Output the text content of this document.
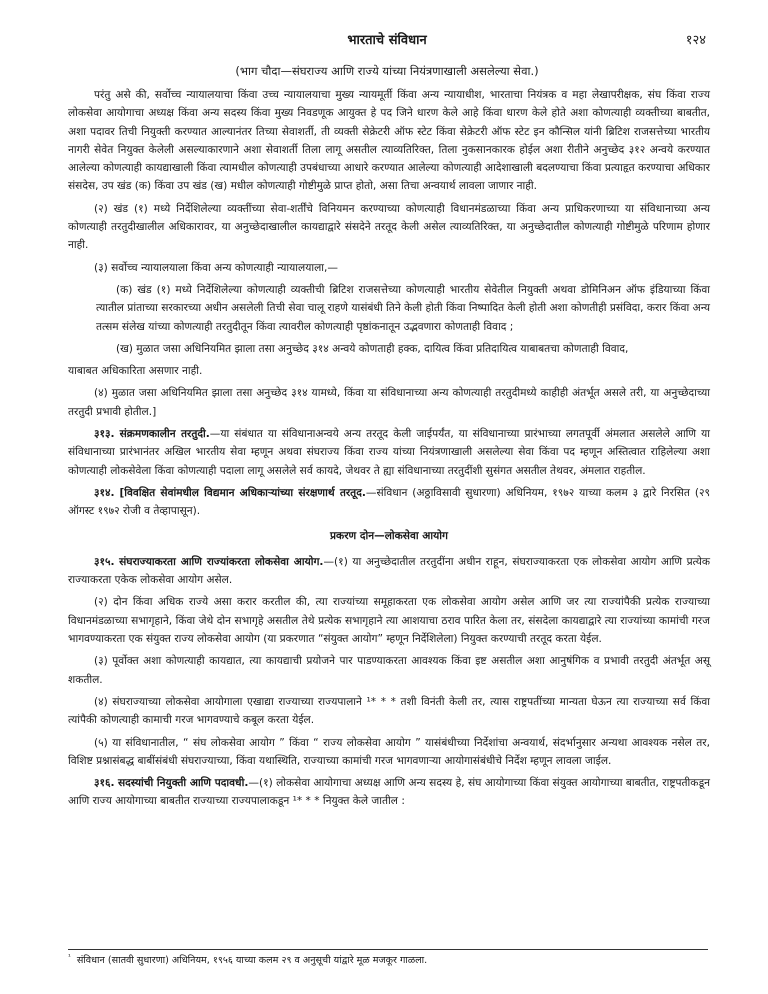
भारताचे संविधान	१२४
(भाग चौदा—संघराज्य आणि राज्ये यांच्या नियंत्रणाखाली असलेल्या सेवा.)

परंतु असे की, सर्वोच्च न्यायालयाचा किंवा उच्च न्यायालयाचा मुख्य न्यायमूर्ती किंवा अन्य न्यायाधीश, भारताचा नियंत्रक व महा लेखापरीक्षक, संघ किंवा राज्य लोकसेवा आयोगाचा अध्यक्ष किंवा अन्य सदस्य किंवा मुख्य निवडणूक आयुक्त हे पद जिने धारण केले आहे किंवा धारण केले होते अशा कोणत्याही व्यक्तीच्या बाबतीत, अशा पदावर तिची नियुक्ती करण्यात आल्यानंतर तिच्या सेवाशर्ती, ती व्यक्ती सेक्रेटरी ऑफ स्टेट किंवा सेक्रेटरी ऑफ स्टेट इन कौन्सिल यांनी ब्रिटिश राजसत्तेच्या भारतीय नागरी सेवेत नियुक्त केलेली असल्याकारणाने अशा सेवाशर्ती तिला लागू असतील त्याव्यतिरिक्त, तिला नुकसानकारक होईल अशा रीतीने अनुच्छेद ३१२ अन्वये करण्यात आलेल्या कोणत्याही कायद्याखाली किंवा त्यामधील कोणत्याही उपबंधाच्या आधारे करण्यात आलेल्या कोणत्याही आदेशाखाली बदलण्याचा किंवा प्रत्याहृत करण्याचा अधिकार संसदेस, उप खंड (क) किंवा उप खंड (ख) मधील कोणत्याही गोष्टीमुळे प्राप्त होतो, असा तिचा अन्वयार्थ लावला जाणार नाही.

(२) खंड (१) मध्ये निर्देशिलेल्या व्यक्तींच्या सेवा-शर्तींचे विनियमन करण्याच्या कोणत्याही विधानमंडळाच्या किंवा अन्य प्राधिकरणाच्या या संविधानाच्या अन्य कोणत्याही तरतुदीखालील अधिकारावर, या अनुच्छेदाखालील कायद्याद्वारे संसदेने तरतूद केली असेल त्याव्यतिरिक्त, या अनुच्छेदातील कोणत्याही गोष्टीमुळे परिणाम होणार नाही.

(३) सर्वोच्च न्यायालयाला किंवा अन्य कोणत्याही न्यायालयाला,—

(क) खंड (१) मध्ये निर्देशिलेल्या कोणत्याही व्यक्तीची ब्रिटिश राजसत्तेच्या कोणत्याही भारतीय सेवेतील नियुक्ती अथवा डोमिनिअन ऑफ इंडियाच्या किंवा त्यातील प्रांताच्या सरकारच्या अधीन असलेली तिची सेवा चालू राहणे यासंबंधी तिने केली होती किंवा निष्पादित केली होती अशा कोणतीही प्रसंविदा, करार किंवा अन्य तत्सम संलेख यांच्या कोणत्याही तरतुदीतून किंवा त्यावरील कोणत्याही पृष्ठांकनातून उद्भवणारा कोणताही विवाद ;

(ख) मुळात जसा अधिनियमित झाला तसा अनुच्छेद ३१४ अन्वये कोणताही हक्क, दायित्व किंवा प्रतिदायित्व याबाबतचा कोणताही विवाद,

याबाबत अधिकारिता असणार नाही.

(४) मुळात जसा अधिनियमित झाला तसा अनुच्छेद ३१४ यामध्ये, किंवा या संविधानाच्या अन्य कोणत्याही तरतुदीमध्ये काहीही अंतर्भूत असले तरी, या अनुच्छेदाच्या तरतुदी प्रभावी होतील.]

३१३. संक्रमणकालीन तरतुदी.—या संबंधात या संविधानाअन्वये अन्य तरतूद केली जाईपर्यंत, या संविधानाच्या प्रारंभाच्या लगतपूर्वी अंमलात असलेले आणि या संविधानाच्या प्रारंभानंतर अखिल भारतीय सेवा म्हणून अथवा संघराज्य किंवा राज्य यांच्या नियंत्रणाखाली असलेल्या सेवा किंवा पद म्हणून अस्तित्वात राहिलेल्या अशा कोणत्याही लोकसेवेला किंवा कोणत्याही पदाला लागू असलेले सर्व कायदे, जेथवर ते ह्या संविधानाच्या तरतुदींशी सुसंगत असतील तेथवर, अंमलात राहतील.

३१४. [विवक्षित सेवांमधील विद्यमान अधिकाऱ्यांच्या संरक्षणार्थ तरतूद.—संविधान (अठ्ठाविसावी सुधारणा) अधिनियम, १९७२ याच्या कलम ३ द्वारे निरसित (२९ ऑगस्ट १९७२ रोजी व तेव्हापासून).

प्रकरण दोन—लोकसेवा आयोग

३१५. संघराज्याकरता आणि राज्यांकरता लोकसेवा आयोग.—(१) या अनुच्छेदातील तरतुदींना अधीन राहून, संघराज्याकरता एक लोकसेवा आयोग आणि प्रत्येक राज्याकरता एकेक लोकसेवा आयोग असेल.

(२) दोन किंवा अधिक राज्ये असा करार करतील की, त्या राज्यांच्या समूहाकरता एक लोकसेवा आयोग असेल आणि जर त्या राज्यांपैकी प्रत्येक राज्याच्या विधानमंडळाच्या सभागृहाने, किंवा जेथे दोन सभागृहे असतील तेथे प्रत्येक सभागृहाने त्या आशयाचा ठराव पारित केला तर, संसदेला कायद्याद्वारे त्या राज्यांच्या कामांची गरज भागवण्याकरता एक संयुक्त राज्य लोकसेवा आयोग (या प्रकरणात “संयुक्त आयोग” म्हणून निर्देशिलेला) नियुक्त करण्याची तरतूद करता येईल.

(३) पूर्वोक्त अशा कोणत्याही कायद्यात, त्या कायद्याची प्रयोजने पार पाडण्याकरता आवश्यक किंवा इष्ट असतील अशा आनुषंगिक व प्रभावी तरतुदी अंतर्भूत असू शकतील.

(४) संघराज्याच्या लोकसेवा आयोगाला एखाद्या राज्याच्या राज्यपालाने ¹* * * तशी विनंती केली तर, त्यास राष्ट्रपतींच्या मान्यता घेऊन त्या राज्याच्या सर्व किंवा त्यांपैकी कोणत्याही कामाची गरज भागवण्याचे कबूल करता येईल.

(५) या संविधानातील, “ संघ लोकसेवा आयोग ” किंवा “ राज्य लोकसेवा आयोग ” यासंबंधीच्या निर्देशांचा अन्वयार्थ, संदर्भानुसार अन्यथा आवश्यक नसेल तर, विशिष्ट प्रश्नासंबद्ध बाबींसंबंधी संघराज्याच्या, किंवा यथास्थिति, राज्याच्या कामांची गरज भागवणाऱ्या आयोगासंबंधीचे निर्देश म्हणून लावला जाईल.

३१६. सदस्यांची नियुक्ती आणि पदावधी.—(१) लोकसेवा आयोगाचा अध्यक्ष आणि अन्य सदस्य हे, संघ आयोगाच्या किंवा संयुक्त आयोगाच्या बाबतीत, राष्ट्रपतीकडून आणि राज्य आयोगाच्या बाबतीत राज्याच्या राज्यपालाकडून ¹* * * नियुक्त केले जातील :

$^{^1}$ संविधान (सातवी सुधारणा) अधिनियम, १९५६ याच्या कलम २९ व अनुसूची यांद्वारे मूळ मजकूर गाळला.
